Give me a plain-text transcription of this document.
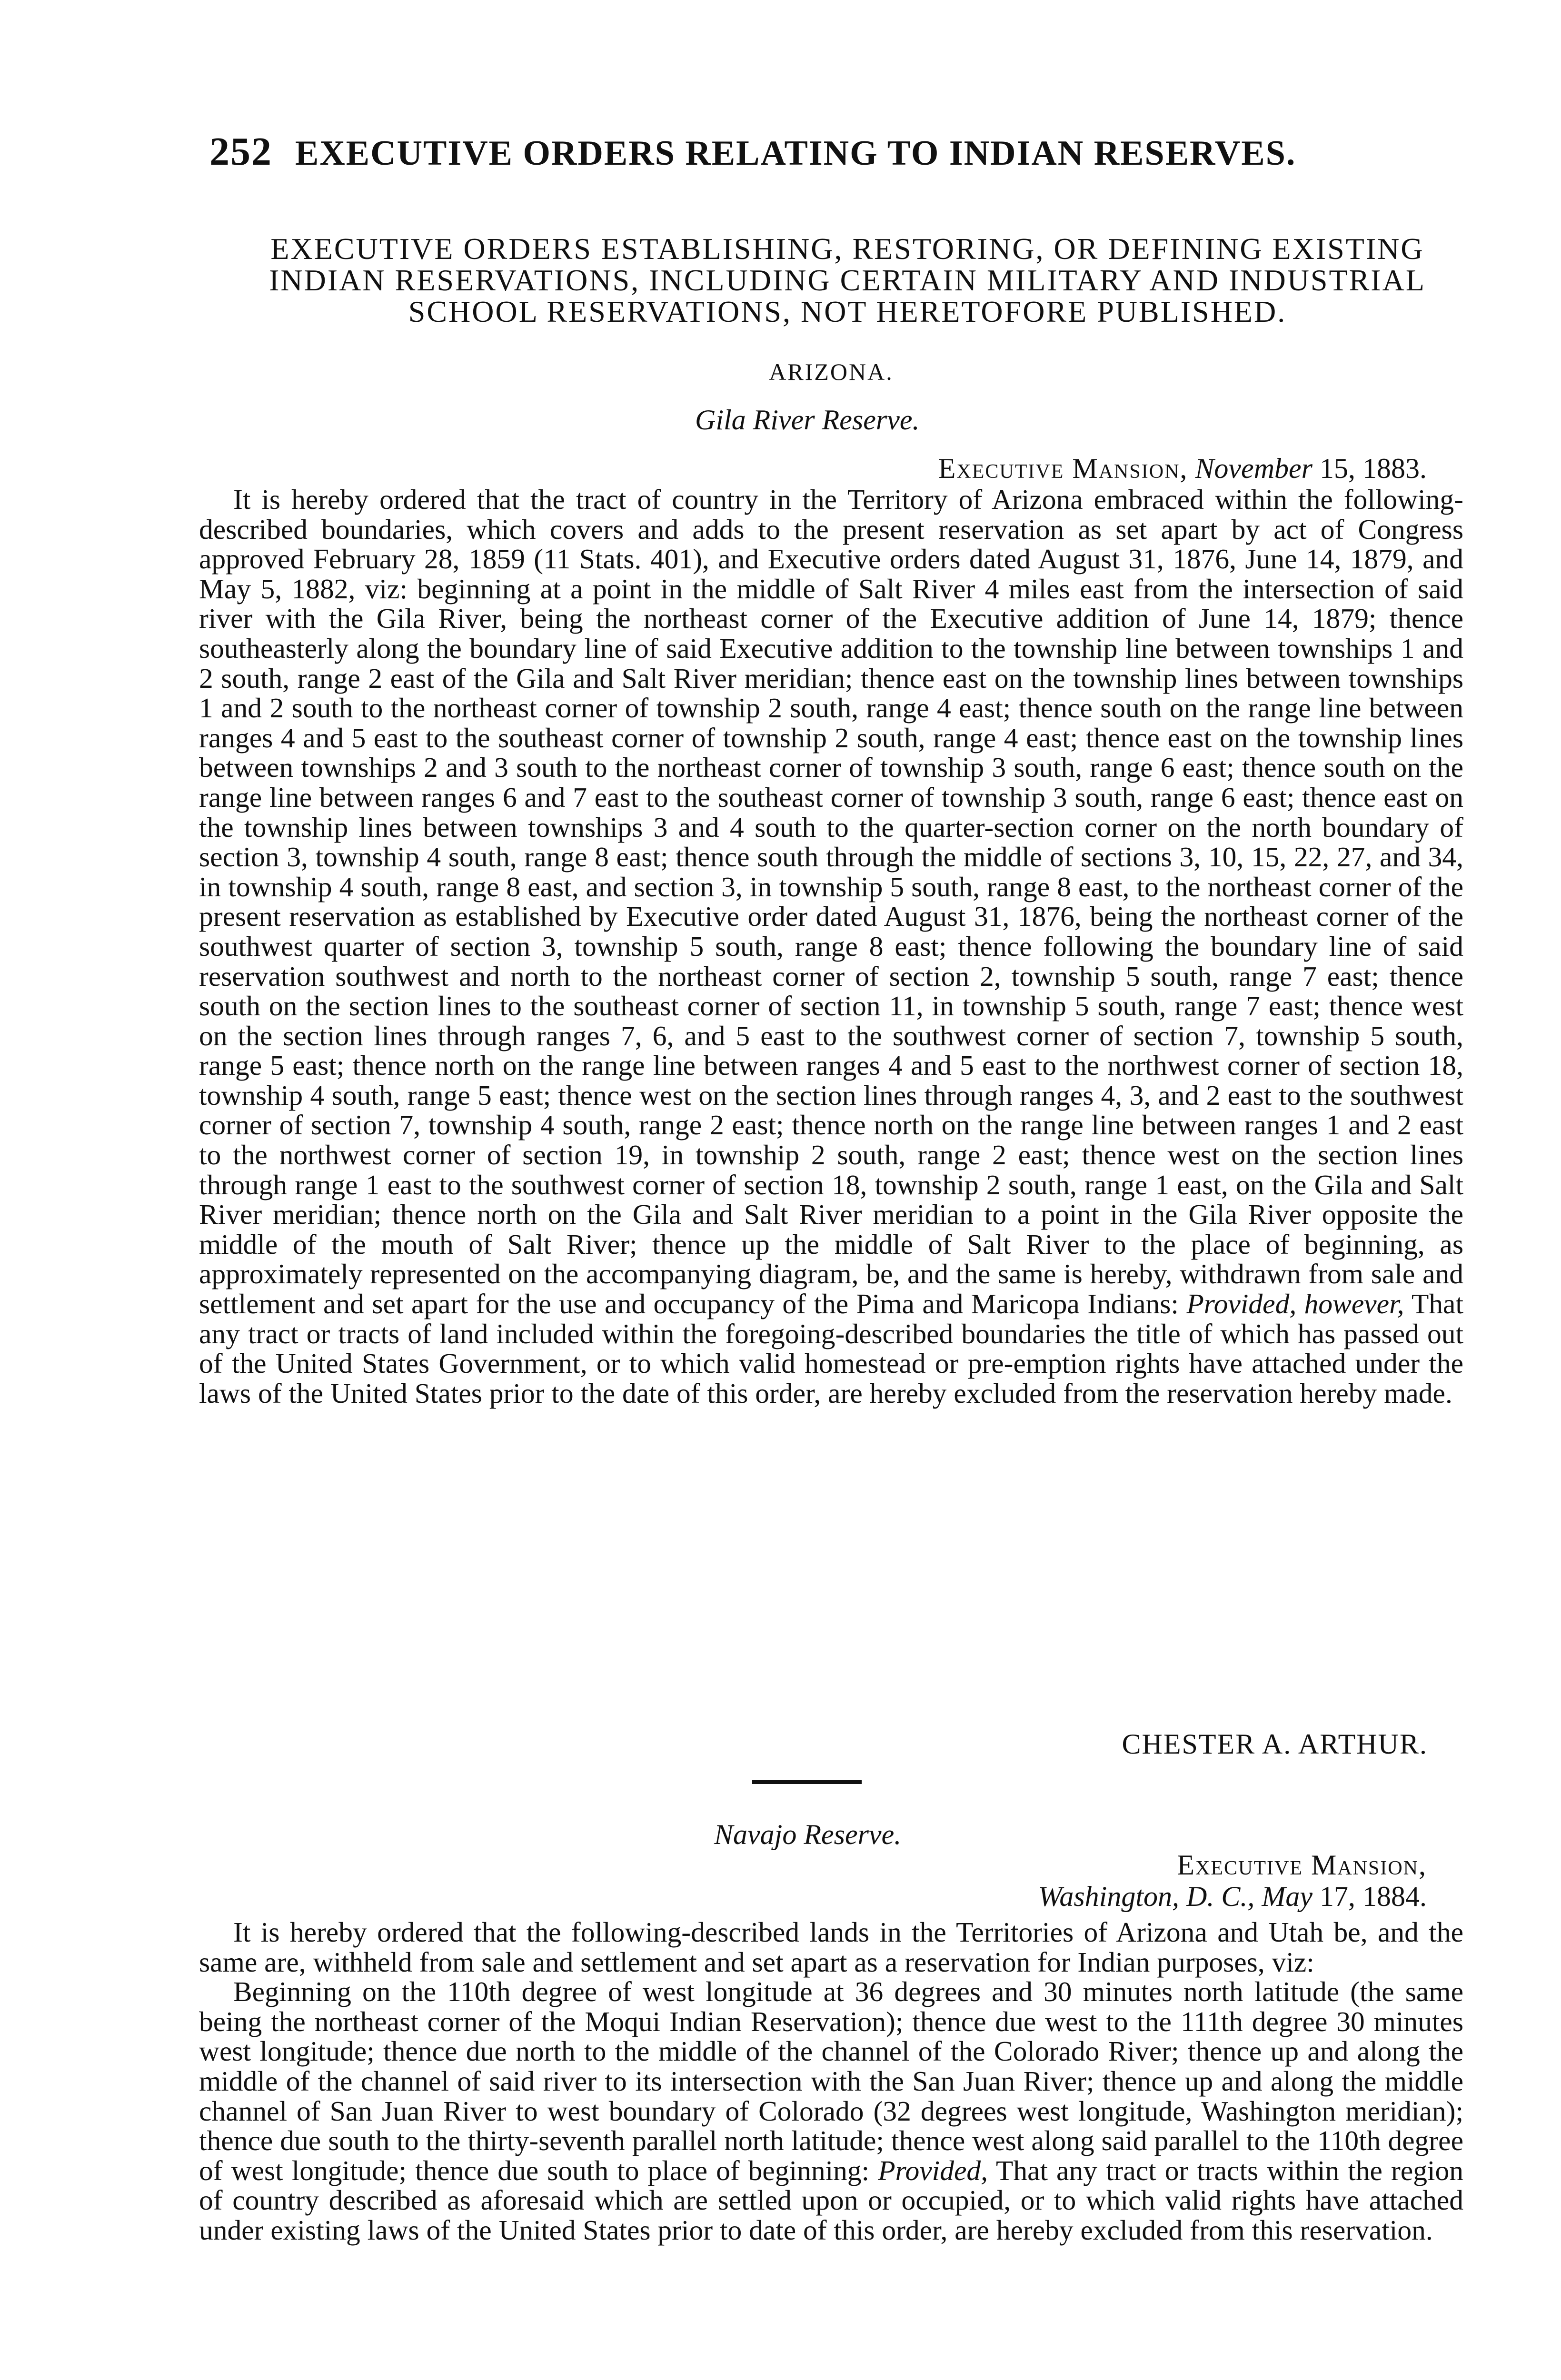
252 EXECUTIVE ORDERS RELATING TO INDIAN RESERVES.
EXECUTIVE ORDERS ESTABLISHING, RESTORING, OR DEFINING EXISTING INDIAN RESERVATIONS, INCLUDING CERTAIN MILITARY AND INDUSTRIAL SCHOOL RESERVATIONS, NOT HERETOFORE PUBLISHED.
ARIZONA.
Gila River Reserve.
Executive Mansion, November 15, 1883.

It is hereby ordered that the tract of country in the Territory of Arizona embraced within the following-described boundaries, which covers and adds to the present reservation as set apart by act of Congress approved February 28, 1859 (11 Stats. 401), and Executive orders dated August 31, 1876, June 14, 1879, and May 5, 1882, viz: beginning at a point in the middle of Salt River 4 miles east from the intersection of said river with the Gila River, being the northeast corner of the Executive addition of June 14, 1879; thence southeasterly along the boundary line of said Executive addition to the township line between townships 1 and 2 south, range 2 east of the Gila and Salt River meridian; thence east on the township lines between townships 1 and 2 south to the northeast corner of township 2 south, range 4 east; thence south on the range line between ranges 4 and 5 east to the southeast corner of township 2 south, range 4 east; thence east on the township lines between townships 2 and 3 south to the northeast corner of township 3 south, range 6 east; thence south on the range line between ranges 6 and 7 east to the southeast corner of township 3 south, range 6 east; thence east on the township lines between townships 3 and 4 south to the quarter-section corner on the north boundary of section 3, township 4 south, range 8 east; thence south through the middle of sections 3, 10, 15, 22, 27, and 34, in township 4 south, range 8 east, and section 3, in township 5 south, range 8 east, to the northeast corner of the present reservation as established by Executive order dated August 31, 1876, being the northeast corner of the southwest quarter of section 3, township 5 south, range 8 east; thence following the boundary line of said reservation southwest and north to the northeast corner of section 2, township 5 south, range 7 east; thence south on the section lines to the southeast corner of section 11, in township 5 south, range 7 east; thence west on the section lines through ranges 7, 6, and 5 east to the southwest corner of section 7, township 5 south, range 5 east; thence north on the range line between ranges 4 and 5 east to the northwest corner of section 18, township 4 south, range 5 east; thence west on the section lines through ranges 4, 3, and 2 east to the southwest corner of section 7, township 4 south, range 2 east; thence north on the range line between ranges 1 and 2 east to the northwest corner of section 19, in township 2 south, range 2 east; thence west on the section lines through range 1 east to the southwest corner of section 18, township 2 south, range 1 east, on the Gila and Salt River meridian; thence north on the Gila and Salt River meridian to a point in the Gila River opposite the middle of the mouth of Salt River; thence up the middle of Salt River to the place of beginning, as approximately represented on the accompanying diagram, be, and the same is hereby, withdrawn from sale and settlement and set apart for the use and occupancy of the Pima and Maricopa Indians: Provided, however, That any tract or tracts of land included within the foregoing-described boundaries the title of which has passed out of the United States Government, or to which valid homestead or pre-emption rights have attached under the laws of the United States prior to the date of this order, are hereby excluded from the reservation hereby made.

CHESTER A. ARTHUR.
Navajo Reserve.
Executive Mansion,
Washington, D. C., May 17, 1884.

It is hereby ordered that the following-described lands in the Territories of Arizona and Utah be, and the same are, withheld from sale and settlement and set apart as a reservation for Indian purposes, viz:

Beginning on the 110th degree of west longitude at 36 degrees and 30 minutes north latitude (the same being the northeast corner of the Moqui Indian Reservation); thence due west to the 111th degree 30 minutes west longitude; thence due north to the middle of the channel of the Colorado River; thence up and along the middle of the channel of said river to its intersection with the San Juan River; thence up and along the middle channel of San Juan River to west boundary of Colorado (32 degrees west longitude, Washington meridian); thence due south to the thirty-seventh parallel north latitude; thence west along said parallel to the 110th degree of west longitude; thence due south to place of beginning: Provided, That any tract or tracts within the region of country described as aforesaid which are settled upon or occupied, or to which valid rights have attached under existing laws of the United States prior to date of this order, are hereby excluded from this reservation.
